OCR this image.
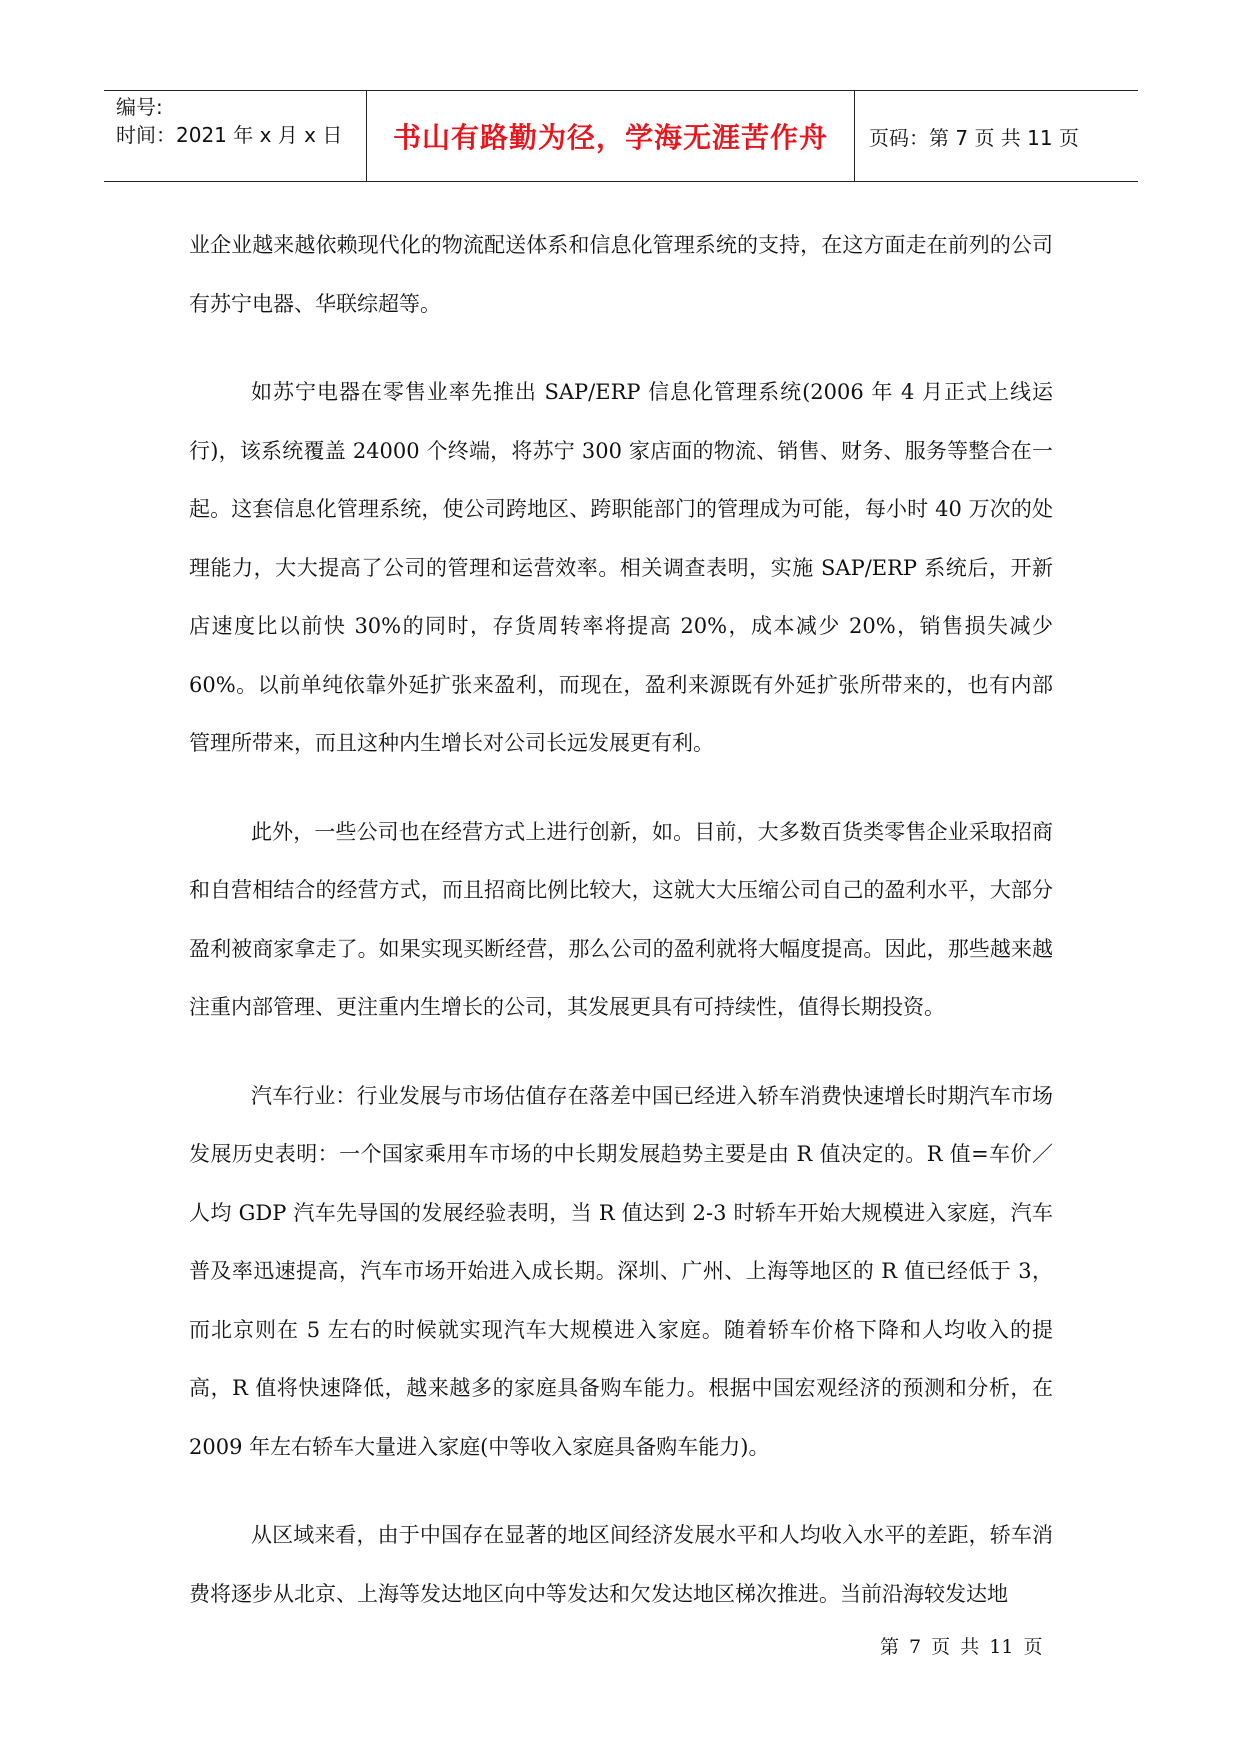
编号:
时间：2021 年 x 月 x 日	书山有路勤为径，学海无涯苦作舟	页码：第 7 页 共 11 页

业企业越来越依赖现代化的物流配送体系和信息化管理系统的支持，在这方面走在前列的公司有苏宁电器、华联综超等。

如苏宁电器在零售业率先推出 SAP/ERP 信息化管理系统(2006 年 4 月正式上线运行)，该系统覆盖 24000 个终端，将苏宁 300 家店面的物流、销售、财务、服务等整合在一起。这套信息化管理系统，使公司跨地区、跨职能部门的管理成为可能，每小时 40 万次的处理能力，大大提高了公司的管理和运营效率。相关调查表明，实施 SAP/ERP 系统后，开新店速度比以前快 30%的同时，存货周转率将提高 20%，成本减少 20%，销售损失减少 60%。以前单纯依靠外延扩张来盈利，而现在，盈利来源既有外延扩张所带来的，也有内部管理所带来，而且这种内生增长对公司长远发展更有利。

此外，一些公司也在经营方式上进行创新，如。目前，大多数百货类零售企业采取招商和自营相结合的经营方式，而且招商比例比较大，这就大大压缩公司自己的盈利水平，大部分盈利被商家拿走了。如果实现买断经营，那么公司的盈利就将大幅度提高。因此，那些越来越注重内部管理、更注重内生增长的公司，其发展更具有可持续性，值得长期投资。

汽车行业：行业发展与市场估值存在落差中国已经进入轿车消费快速增长时期汽车市场发展历史表明：一个国家乘用车市场的中长期发展趋势主要是由 R 值决定的。R 值=车价／人均 GDP 汽车先导国的发展经验表明，当 R 值达到 2-3 时轿车开始大规模进入家庭，汽车普及率迅速提高，汽车市场开始进入成长期。深圳、广州、上海等地区的 R 值已经低于 3，而北京则在 5 左右的时候就实现汽车大规模进入家庭。随着轿车价格下降和人均收入的提高，R 值将快速降低，越来越多的家庭具备购车能力。根据中国宏观经济的预测和分析，在 2009 年左右轿车大量进入家庭(中等收入家庭具备购车能力)。

从区域来看，由于中国存在显著的地区间经济发展水平和人均收入水平的差距，轿车消费将逐步从北京、上海等发达地区向中等发达和欠发达地区梯次推进。当前沿海较发达地

第 7 页 共 11 页
